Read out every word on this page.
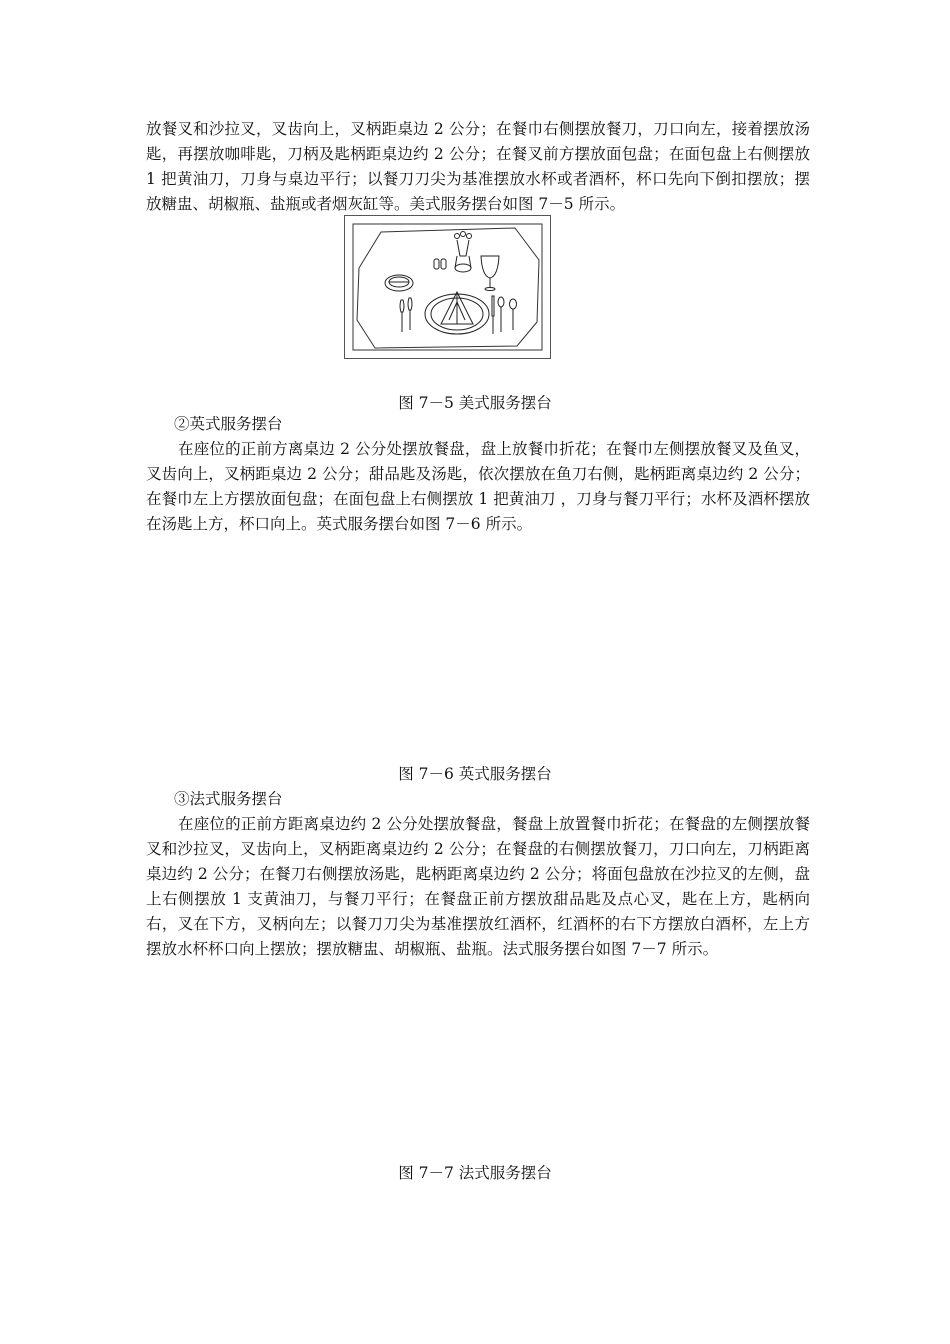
放餐叉和沙拉叉，叉齿向上，叉柄距桌边 2 公分；在餐巾右侧摆放餐刀，刀口向左，接着摆放汤匙，再摆放咖啡匙，刀柄及匙柄距桌边约 2 公分；在餐叉前方摆放面包盘；在面包盘上右侧摆放 1 把黄油刀，刀身与桌边平行；以餐刀刀尖为基准摆放水杯或者酒杯，杯口先向下倒扣摆放；摆放糖盅、胡椒瓶、盐瓶或者烟灰缸等。美式服务摆台如图 7－5 所示。

图 7－5 美式服务摆台

②英式服务摆台

在座位的正前方离桌边 2 公分处摆放餐盘，盘上放餐巾折花；在餐巾左侧摆放餐叉及鱼叉，叉齿向上，叉柄距桌边 2 公分；甜品匙及汤匙，依次摆放在鱼刀右侧，匙柄距离桌边约 2 公分；在餐巾左上方摆放面包盘；在面包盘上右侧摆放 1 把黄油刀 ，刀身与餐刀平行；水杯及酒杯摆放在汤匙上方，杯口向上。英式服务摆台如图 7－6 所示。

图 7－6 英式服务摆台

③法式服务摆台

在座位的正前方距离桌边约 2 公分处摆放餐盘，餐盘上放置餐巾折花；在餐盘的左侧摆放餐叉和沙拉叉，叉齿向上，叉柄距离桌边约 2 公分；在餐盘的右侧摆放餐刀，刀口向左，刀柄距离桌边约 2 公分；在餐刀右侧摆放汤匙，匙柄距离桌边约 2 公分；将面包盘放在沙拉叉的左侧，盘上右侧摆放 1 支黄油刀，与餐刀平行；在餐盘正前方摆放甜品匙及点心叉，匙在上方，匙柄向右，叉在下方，叉柄向左；以餐刀刀尖为基准摆放红酒杯，红酒杯的右下方摆放白酒杯，左上方摆放水杯杯口向上摆放；摆放糖盅、胡椒瓶、盐瓶。法式服务摆台如图 7－7 所示。

图 7－7 法式服务摆台
